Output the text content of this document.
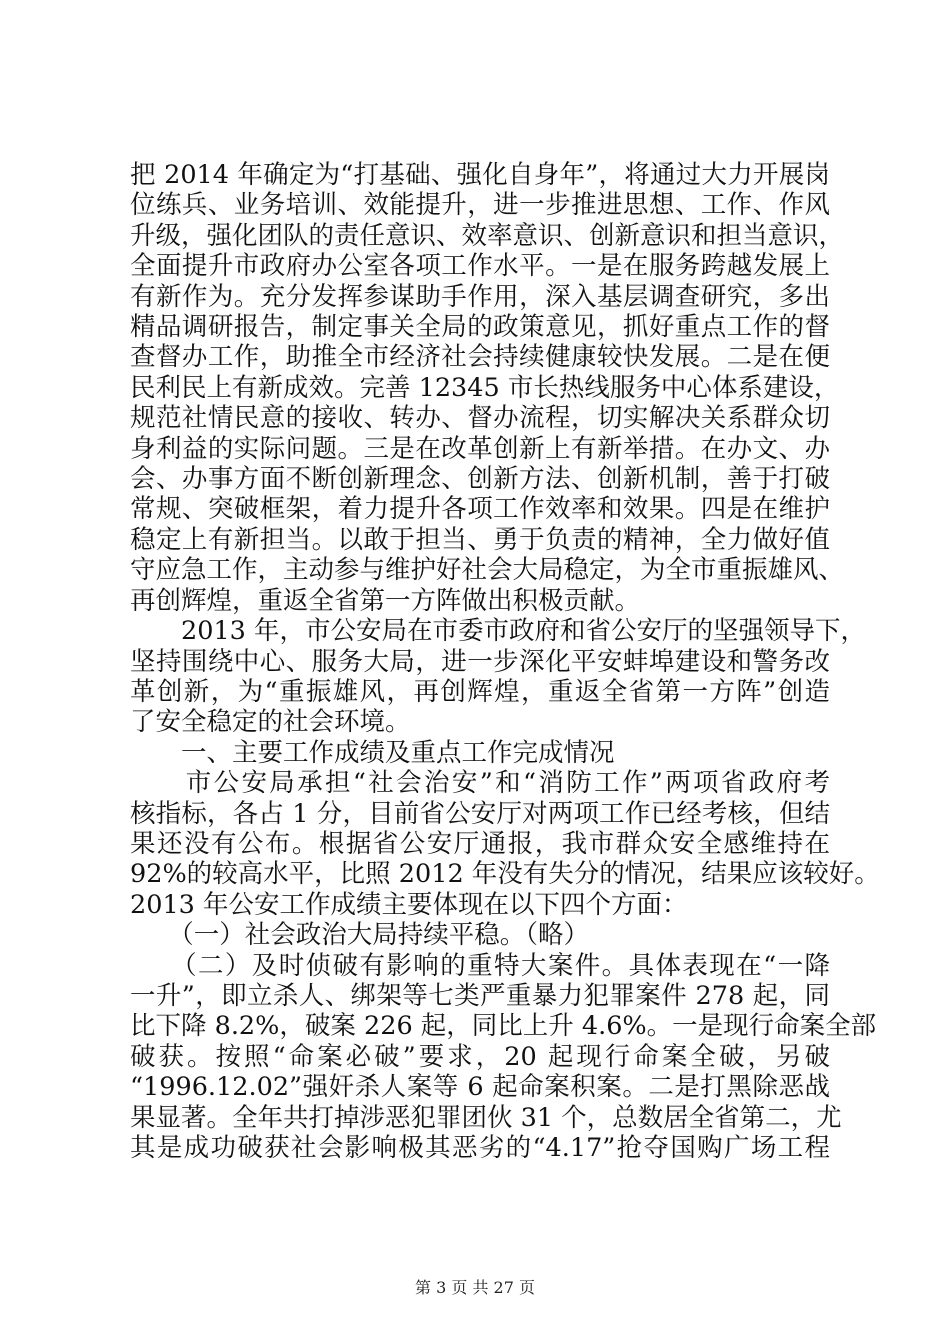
把 2014 年确定为“打基础、强化自身年”，将通过大力开展岗
位练兵、业务培训、效能提升，进一步推进思想、工作、作风
升级，强化团队的责任意识、效率意识、创新意识和担当意识，
全面提升市政府办公室各项工作水平。一是在服务跨越发展上
有新作为。充分发挥参谋助手作用，深入基层调查研究，多出
精品调研报告，制定事关全局的政策意见，抓好重点工作的督
查督办工作，助推全市经济社会持续健康较快发展。二是在便
民利民上有新成效。完善 12345 市长热线服务中心体系建设，
规范社情民意的接收、转办、督办流程，切实解决关系群众切
身利益的实际问题。三是在改革创新上有新举措。在办文、办
会、办事方面不断创新理念、创新方法、创新机制，善于打破
常规、突破框架，着力提升各项工作效率和效果。四是在维护
稳定上有新担当。以敢于担当、勇于负责的精神，全力做好值
守应急工作，主动参与维护好社会大局稳定，为全市重振雄风、
再创辉煌，重返全省第一方阵做出积极贡献。
　　2013 年，市公安局在市委市政府和省公安厅的坚强领导下，
坚持围绕中心、服务大局，进一步深化平安蚌埠建设和警务改
革创新，为“重振雄风，再创辉煌，重返全省第一方阵”创造
了安全稳定的社会环境。
　　一、主要工作成绩及重点工作完成情况
　　市公安局承担“社会治安”和“消防工作”两项省政府考
核指标，各占 1 分，目前省公安厅对两项工作已经考核，但结
果还没有公布。根据省公安厅通报，我市群众安全感维持在
92%的较高水平，比照 2012 年没有失分的情况，结果应该较好。
2013 年公安工作成绩主要体现在以下四个方面：
　　（一）社会政治大局持续平稳。（略）
　　（二）及时侦破有影响的重特大案件。具体表现在“一降
一升”，即立杀人、绑架等七类严重暴力犯罪案件 278 起，同
比下降 8.2%，破案 226 起，同比上升 4.6%。一是现行命案全部
破获。按照“命案必破”要求，20 起现行命案全破，另破
“1996.12.02”强奸杀人案等 6 起命案积案。二是打黑除恶战
果显著。全年共打掉涉恶犯罪团伙 31 个，总数居全省第二，尤
其是成功破获社会影响极其恶劣的“4.17”抢夺国购广场工程
第 3 页 共 27 页
